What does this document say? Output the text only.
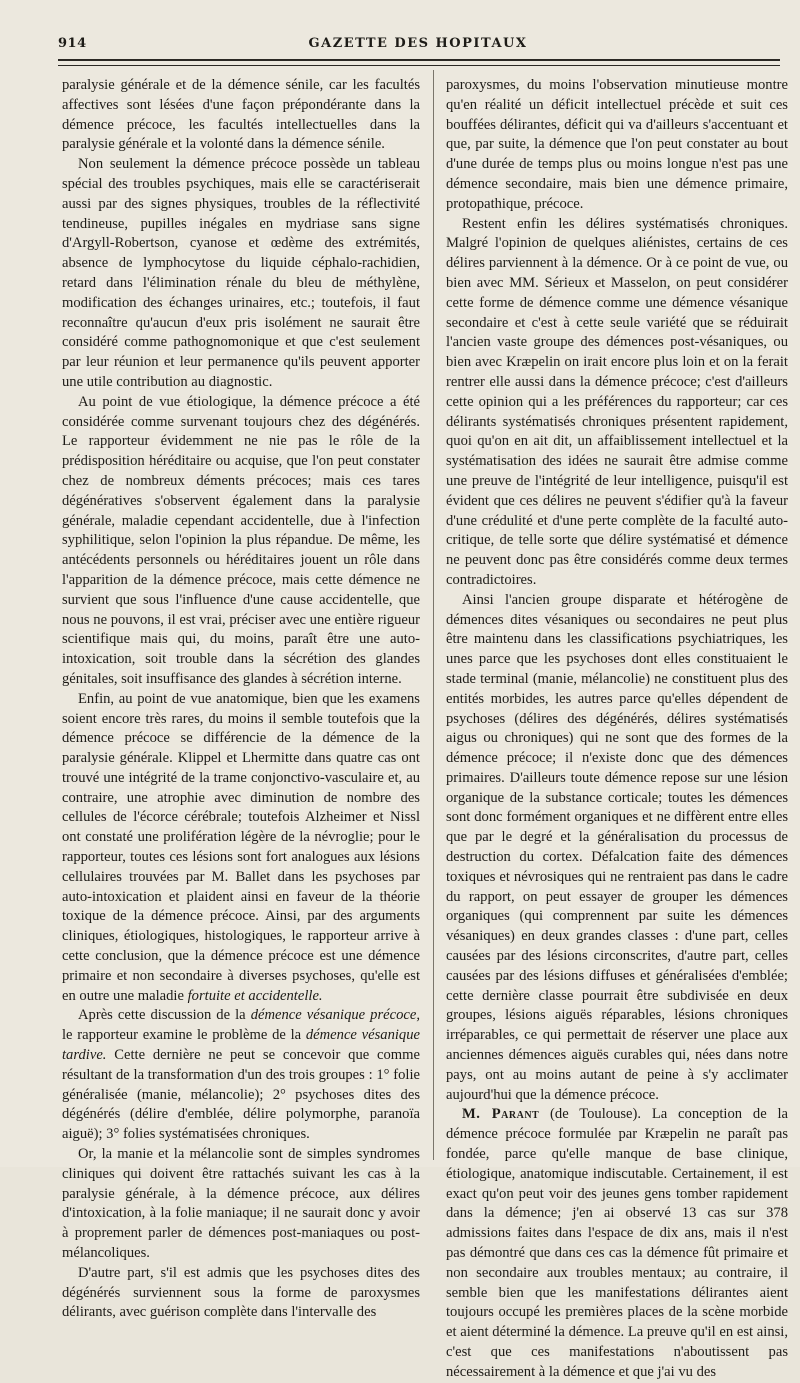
914	GAZETTE DES HOPITAUX

paralysie générale et de la démence sénile, car les facultés affectives sont lésées d'une façon prépondérante dans la démence précoce, les facultés intellectuelles dans la paralysie générale et la volonté dans la démence sénile.

Non seulement la démence précoce possède un tableau spécial des troubles psychiques, mais elle se caractériserait aussi par des signes physiques, troubles de la réflectivité tendineuse, pupilles inégales en mydriase sans signe d'Argyll-Robertson, cyanose et œdème des extrémités, absence de lymphocytose du liquide céphalo-rachidien, retard dans l'élimination rénale du bleu de méthylène, modification des échanges urinaires, etc.; toutefois, il faut reconnaître qu'aucun d'eux pris isolément ne saurait être considéré comme pathognomonique et que c'est seulement par leur réunion et leur permanence qu'ils peuvent apporter une utile contribution au diagnostic.

Au point de vue étiologique, la démence précoce a été considérée comme survenant toujours chez des dégénérés. Le rapporteur évidemment ne nie pas le rôle de la prédisposition héréditaire ou acquise, que l'on peut constater chez de nombreux déments précoces; mais ces tares dégénératives s'observent également dans la paralysie générale, maladie cependant accidentelle, due à l'infection syphilitique, selon l'opinion la plus répandue. De même, les antécédents personnels ou héréditaires jouent un rôle dans l'apparition de la démence précoce, mais cette démence ne survient que sous l'influence d'une cause accidentelle, que nous ne pouvons, il est vrai, préciser avec une entière rigueur scientifique mais qui, du moins, paraît être une auto-intoxication, soit trouble dans la sécrétion des glandes génitales, soit insuffisance des glandes à sécrétion interne.

Enfin, au point de vue anatomique, bien que les examens soient encore très rares, du moins il semble toutefois que la démence précoce se différencie de la démence de la paralysie générale. Klippel et Lhermitte dans quatre cas ont trouvé une intégrité de la trame conjonctivo-vasculaire et, au contraire, une atrophie avec diminution de nombre des cellules de l'écorce cérébrale; toutefois Alzheimer et Nissl ont constaté une prolifération légère de la névroglie; pour le rapporteur, toutes ces lésions sont fort analogues aux lésions cellulaires trouvées par M. Ballet dans les psychoses par auto-intoxication et plaident ainsi en faveur de la théorie toxique de la démence précoce. Ainsi, par des arguments cliniques, étiologiques, histologiques, le rapporteur arrive à cette conclusion, que la démence précoce est une démence primaire et non secondaire à diverses psychoses, qu'elle est en outre une maladie fortuite et accidentelle.

Après cette discussion de la démence vésanique précoce, le rapporteur examine le problème de la démence vésanique tardive. Cette dernière ne peut se concevoir que comme résultant de la transformation d'un des trois groupes : 1° folie généralisée (manie, mélancolie); 2° psychoses dites des dégénérés (délire d'emblée, délire polymorphe, paranoïa aiguë); 3° folies systématisées chroniques.

Or, la manie et la mélancolie sont de simples syndromes cliniques qui doivent être rattachés suivant les cas à la paralysie générale, à la démence précoce, aux délires d'intoxication, à la folie maniaque; il ne saurait donc y avoir à proprement parler de démences post-maniaques ou post-mélancoliques.

D'autre part, s'il est admis que les psychoses dites des dégénérés surviennent sous la forme de paroxysmes délirants, avec guérison complète dans l'intervalle des

paroxysmes, du moins l'observation minutieuse montre qu'en réalité un déficit intellectuel précède et suit ces bouffées délirantes, déficit qui va d'ailleurs s'accentuant et que, par suite, la démence que l'on peut constater au bout d'une durée de temps plus ou moins longue n'est pas une démence secondaire, mais bien une démence primaire, protopathique, précoce.

Restent enfin les délires systématisés chroniques. Malgré l'opinion de quelques aliénistes, certains de ces délires parviennent à la démence. Or à ce point de vue, ou bien avec MM. Sérieux et Masselon, on peut considérer cette forme de démence comme une démence vésanique secondaire et c'est à cette seule variété que se réduirait l'ancien vaste groupe des démences post-vésaniques, ou bien avec Kræpelin on irait encore plus loin et on la ferait rentrer elle aussi dans la démence précoce; c'est d'ailleurs cette opinion qui a les préférences du rapporteur; car ces délirants systématisés chroniques présentent rapidement, quoi qu'on en ait dit, un affaiblissement intellectuel et la systématisation des idées ne saurait être admise comme une preuve de l'intégrité de leur intelligence, puisqu'il est évident que ces délires ne peuvent s'édifier qu'à la faveur d'une crédulité et d'une perte complète de la faculté auto-critique, de telle sorte que délire systématisé et démence ne peuvent donc pas être considérés comme deux termes contradictoires.

Ainsi l'ancien groupe disparate et hétérogène de démences dites vésaniques ou secondaires ne peut plus être maintenu dans les classifications psychiatriques, les unes parce que les psychoses dont elles constituaient le stade terminal (manie, mélancolie) ne constituent plus des entités morbides, les autres parce qu'elles dépendent de psychoses (délires des dégénérés, délires systématisés aigus ou chroniques) qui ne sont que des formes de la démence précoce; il n'existe donc que des démences primaires. D'ailleurs toute démence repose sur une lésion organique de la substance corticale; toutes les démences sont donc formément organiques et ne diffèrent entre elles que par le degré et la généralisation du processus de destruction du cortex. Défalcation faite des démences toxiques et névrosiques qui ne rentraient pas dans le cadre du rapport, on peut essayer de grouper les démences organiques (qui comprennent par suite les démences vésaniques) en deux grandes classes : d'une part, celles causées par des lésions circonscrites, d'autre part, celles causées par des lésions diffuses et généralisées d'emblée; cette dernière classe pourrait être subdivisée en deux groupes, lésions aiguës réparables, lésions chroniques irréparables, ce qui permettait de réserver une place aux anciennes démences aiguës curables qui, nées dans notre pays, ont au moins autant de peine à s'y acclimater aujourd'hui que la démence précoce.

M. Parant (de Toulouse). La conception de la démence précoce formulée par Kræpelin ne paraît pas fondée, parce qu'elle manque de base clinique, étiologique, anatomique indiscutable. Certainement, il est exact qu'on peut voir des jeunes gens tomber rapidement dans la démence; j'en ai observé 13 cas sur 378 admissions faites dans l'espace de dix ans, mais il n'est pas démontré que dans ces cas la démence fût primaire et non secondaire aux troubles mentaux; au contraire, il semble bien que les manifestations délirantes aient toujours occupé les premières places de la scène morbide et aient déterminé la démence. La preuve qu'il en est ainsi, c'est que ces manifestations n'aboutissent pas nécessairement à la démence et que j'ai vu des
